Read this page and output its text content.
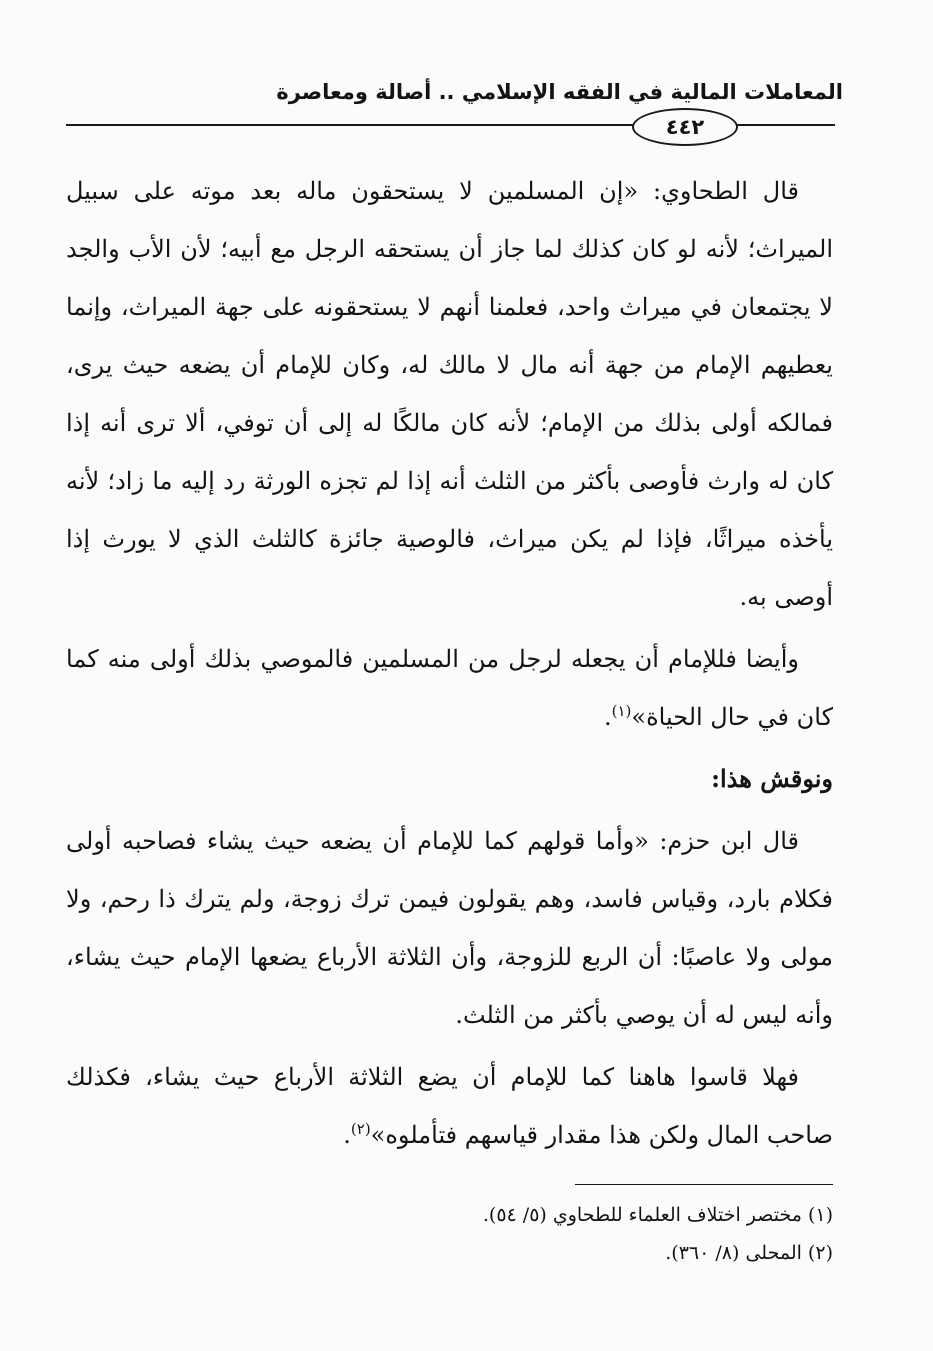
المعاملات المالية في الفقه الإسلامي .. أصالة ومعاصرة
٤٤٢

قال الطحاوي: «إن المسلمين لا يستحقون ماله بعد موته على سبيل الميراث؛ لأنه لو كان كذلك لما جاز أن يستحقه الرجل مع أبيه؛ لأن الأب والجد لا يجتمعان في ميراث واحد، فعلمنا أنهم لا يستحقونه على جهة الميراث، وإنما يعطيهم الإمام من جهة أنه مال لا مالك له، وكان للإمام أن يضعه حيث يرى، فمالكه أولى بذلك من الإمام؛ لأنه كان مالكًا له إلى أن توفي، ألا ترى أنه إذا كان له وارث فأوصى بأكثر من الثلث أنه إذا لم تجزه الورثة رد إليه ما زاد؛ لأنه يأخذه ميراثًا، فإذا لم يكن ميراث، فالوصية جائزة كالثلث الذي لا يورث إذا أوصى به.

وأيضا فللإمام أن يجعله لرجل من المسلمين فالموصي بذلك أولى منه كما كان في حال الحياة»$^{(١)}$.

ونوقش هذا:

قال ابن حزم: «وأما قولهم كما للإمام أن يضعه حيث يشاء فصاحبه أولى فكلام بارد، وقياس فاسد، وهم يقولون فيمن ترك زوجة، ولم يترك ذا رحم، ولا مولى ولا عاصبًا: أن الربع للزوجة، وأن الثلاثة الأرباع يضعها الإمام حيث يشاء، وأنه ليس له أن يوصي بأكثر من الثلث.

فهلا قاسوا هاهنا كما للإمام أن يضع الثلاثة الأرباع حيث يشاء، فكذلك صاحب المال ولكن هذا مقدار قياسهم فتأملوه»$^{(٢)}$.

(١) مختصر اختلاف العلماء للطحاوي (٥/ ٥٤).
(٢) المحلى (٨/ ٣٦٠).
